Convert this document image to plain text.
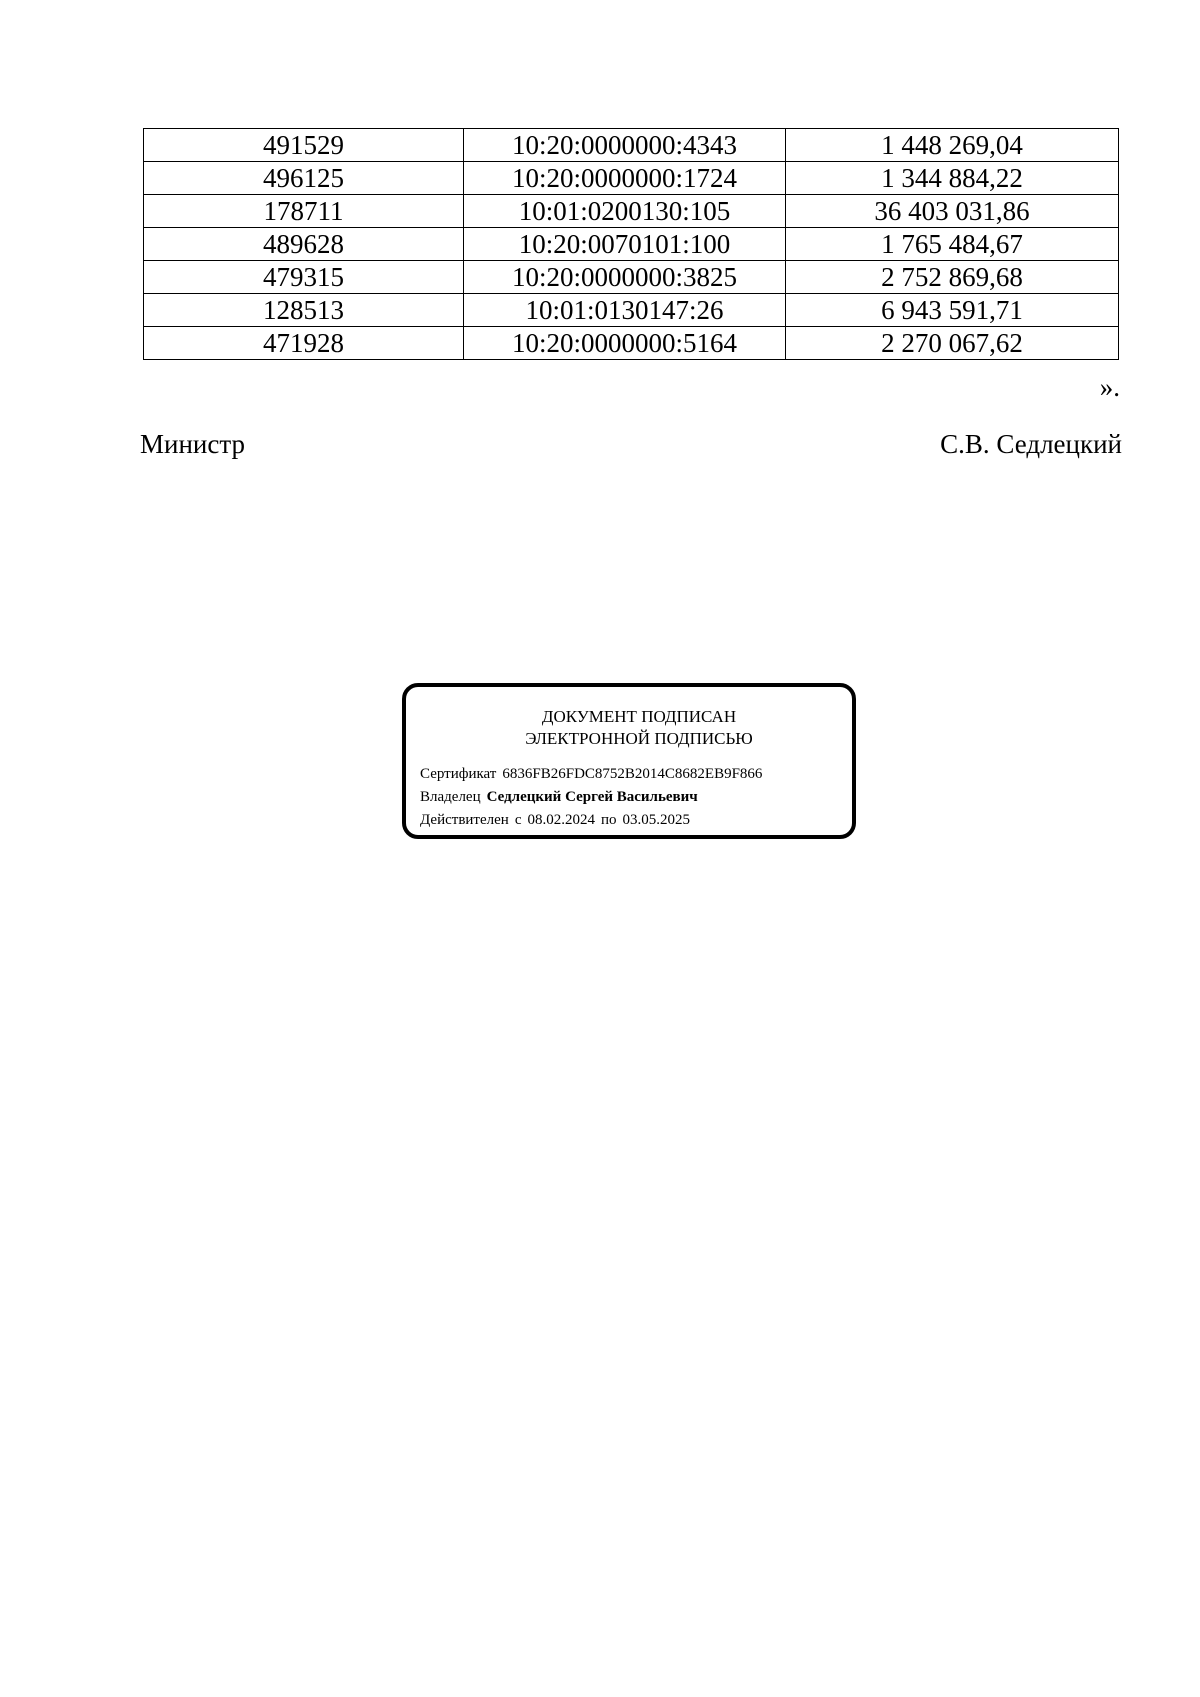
491529	10:20:0000000:4343	1 448 269,04
496125	10:20:0000000:1724	1 344 884,22
178711	10:01:0200130:105	36 403 031,86
489628	10:20:0070101:100	1 765 484,67
479315	10:20:0000000:3825	2 752 869,68
128513	10:01:0130147:26	6 943 591,71
471928	10:20:0000000:5164	2 270 067,62
».
Министр	С.В. Седлецкий
ДОКУМЕНТ ПОДПИСАН
ЭЛЕКТРОННОЙ ПОДПИСЬЮ
Сертификат 6836FB26FDC8752B2014C8682EB9F866
Владелец Седлецкий Сергей Васильевич
Действителен с 08.02.2024 по 03.05.2025
